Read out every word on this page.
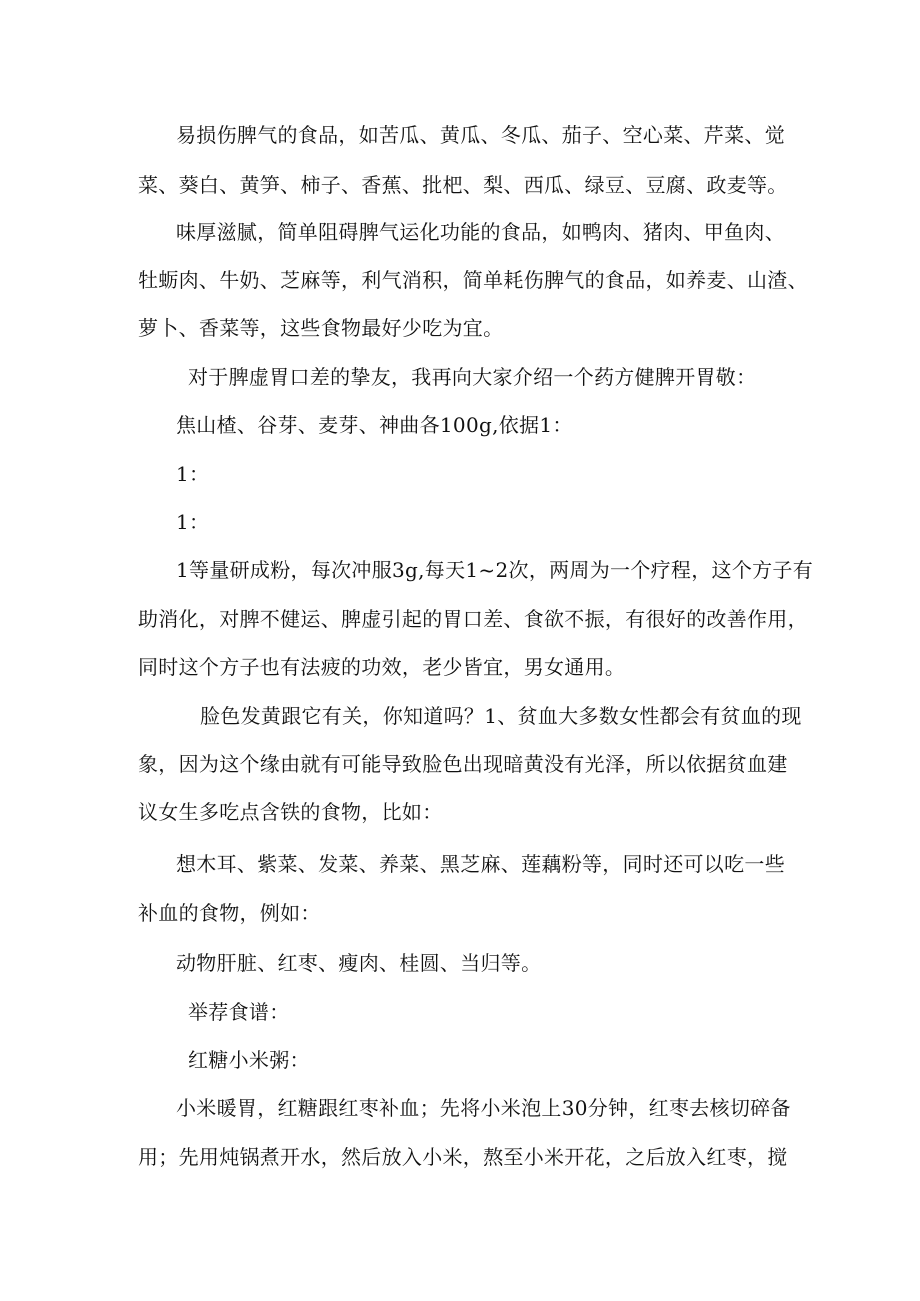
易损伤脾气的食品，如苦瓜、黄瓜、冬瓜、茄子、空心菜、芹菜、觉
菜、葵白、黄笋、柿子、香蕉、批杷、梨、西瓜、绿豆、豆腐、政麦等。
味厚滋腻，简单阻碍脾气运化功能的食品，如鸭肉、猪肉、甲鱼肉、
牡蛎肉、牛奶、芝麻等，利气消积，简单耗伤脾气的食品，如养麦、山渣、
萝卜、香菜等，这些食物最好少吃为宜。
对于脾虚胃口差的挚友，我再向大家介绍一个药方健脾开胃敬：
焦山楂、谷芽、麦芽、神曲各100g,依据1：
1：
1：
1等量研成粉，每次冲服3g,每天1~2次，两周为一个疗程，这个方子有
助消化，对脾不健运、脾虚引起的胃口差、食欲不振，有很好的改善作用，
同时这个方子也有法疲的功效，老少皆宜，男女通用。
脸色发黄跟它有关，你知道吗？1、贫血大多数女性都会有贫血的现
象，因为这个缘由就有可能导致脸色出现暗黄没有光泽，所以依据贫血建
议女生多吃点含铁的食物，比如：
想木耳、紫菜、发菜、养菜、黑芝麻、莲藕粉等，同时还可以吃一些
补血的食物，例如：
动物肝脏、红枣、瘦肉、桂圆、当归等。
举荐食谱：
红糖小米粥：
小米暖胃，红糖跟红枣补血；先将小米泡上30分钟，红枣去核切碎备
用；先用炖锅煮开水，然后放入小米，熬至小米开花，之后放入红枣，搅
